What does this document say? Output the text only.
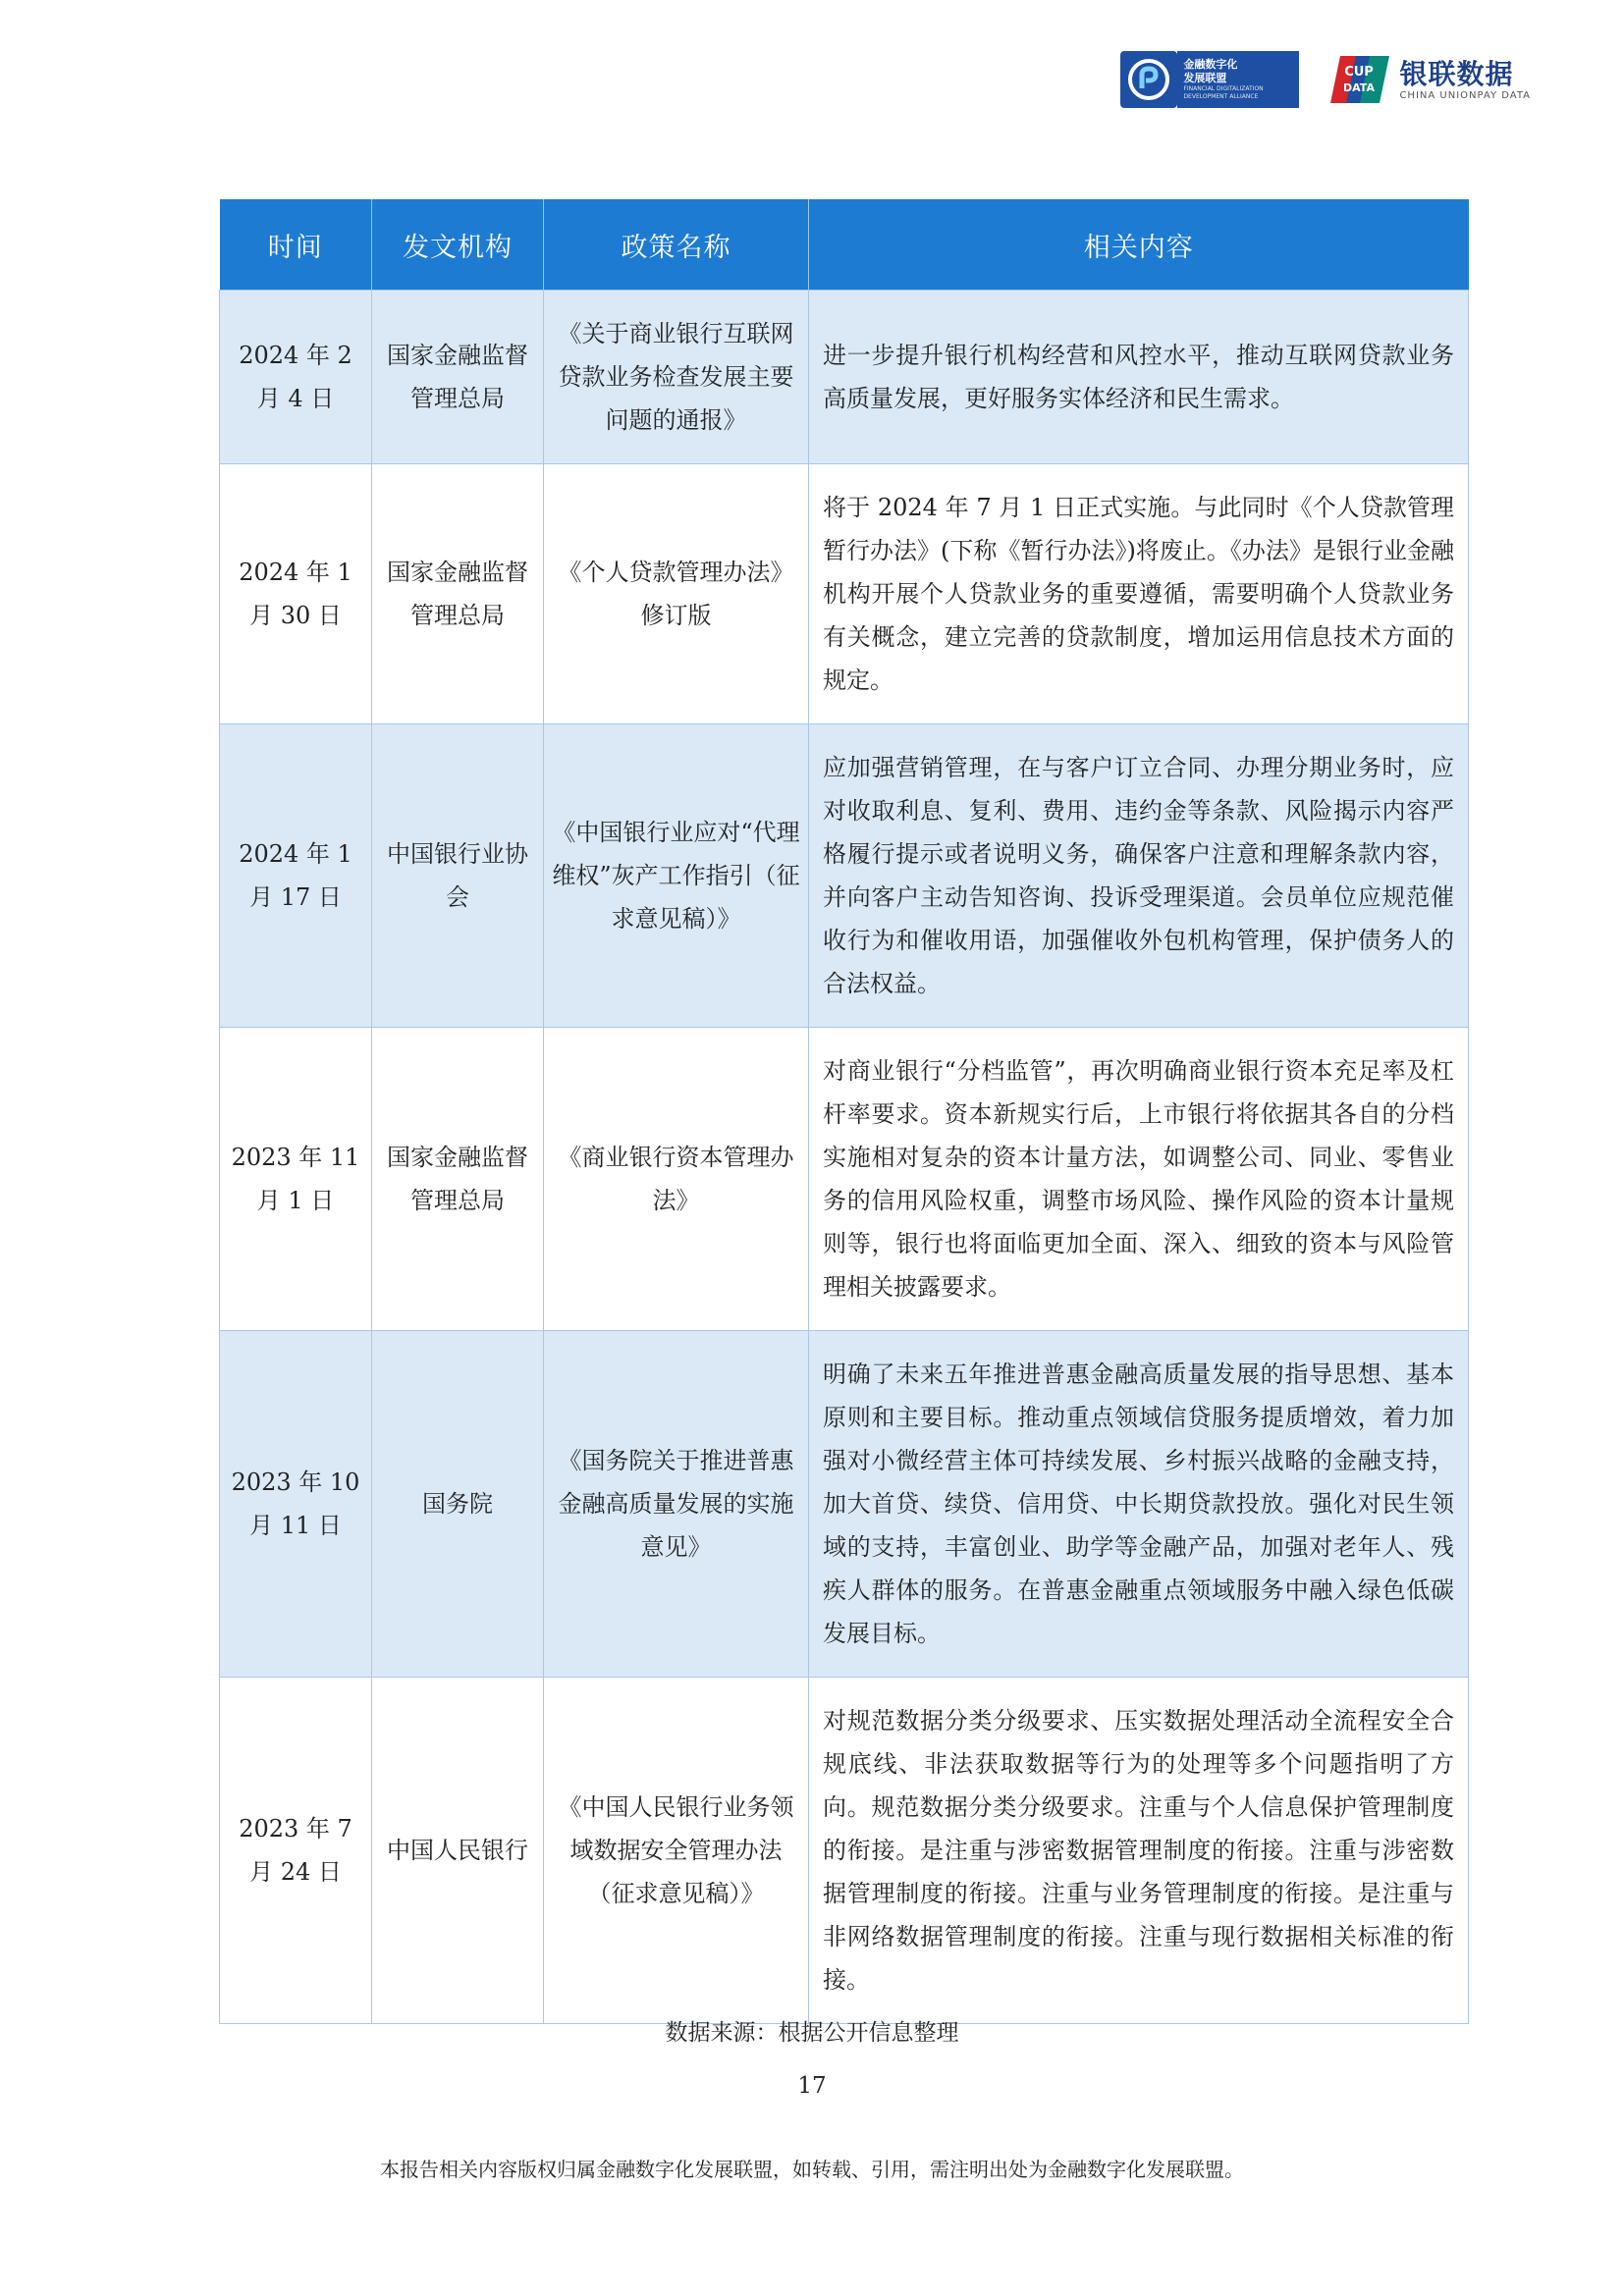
金融数字化
发展联盟
FINANCIAL DIGITALIZATION DEVELOPMENT ALLIANCE
CUP
DATA 银联数据
CHINA UNIONPAY DATA
时间	发文机构	政策名称	相关内容
2024 年 2 月 4 日	国家金融监督管理总局	《关于商业银行互联网贷款业务检查发展主要问题的通报》	进一步提升银行机构经营和风控水平，推动互联网贷款业务高质量发展，更好服务实体经济和民生需求。
2024 年 1 月 30 日	国家金融监督管理总局	《个人贷款管理办法》修订版	将于 2024 年 7 月 1 日正式实施。与此同时《个人贷款管理暂行办法》(下称《暂行办法》)将废止。《办法》是银行业金融机构开展个人贷款业务的重要遵循，需要明确个人贷款业务有关概念，建立完善的贷款制度，增加运用信息技术方面的规定。
2024 年 1 月 17 日	中国银行业协会	《中国银行业应对“代理维权”灰产工作指引（征求意见稿）》	应加强营销管理，在与客户订立合同、办理分期业务时，应对收取利息、复利、费用、违约金等条款、风险揭示内容严格履行提示或者说明义务，确保客户注意和理解条款内容，并向客户主动告知咨询、投诉受理渠道。会员单位应规范催收行为和催收用语，加强催收外包机构管理，保护债务人的合法权益。
2023 年 11 月 1 日	国家金融监督管理总局	《商业银行资本管理办法》	对商业银行“分档监管”，再次明确商业银行资本充足率及杠杆率要求。资本新规实行后，上市银行将依据其各自的分档实施相对复杂的资本计量方法，如调整公司、同业、零售业务的信用风险权重，调整市场风险、操作风险的资本计量规则等，银行也将面临更加全面、深入、细致的资本与风险管理相关披露要求。
2023 年 10 月 11 日	国务院	《国务院关于推进普惠金融高质量发展的实施意见》	明确了未来五年推进普惠金融高质量发展的指导思想、基本原则和主要目标。推动重点领域信贷服务提质增效，着力加强对小微经营主体可持续发展、乡村振兴战略的金融支持，加大首贷、续贷、信用贷、中长期贷款投放。强化对民生领域的支持，丰富创业、助学等金融产品，加强对老年人、残疾人群体的服务。在普惠金融重点领域服务中融入绿色低碳发展目标。
2023 年 7 月 24 日	中国人民银行	《中国人民银行业务领域数据安全管理办法（征求意见稿）》	对规范数据分类分级要求、压实数据处理活动全流程安全合规底线、非法获取数据等行为的处理等多个问题指明了方向。规范数据分类分级要求。注重与个人信息保护管理制度的衔接。是注重与涉密数据管理制度的衔接。注重与涉密数据管理制度的衔接。注重与业务管理制度的衔接。是注重与非网络数据管理制度的衔接。注重与现行数据相关标准的衔接。
数据来源：根据公开信息整理
17
本报告相关内容版权归属金融数字化发展联盟，如转载、引用，需注明出处为金融数字化发展联盟。
